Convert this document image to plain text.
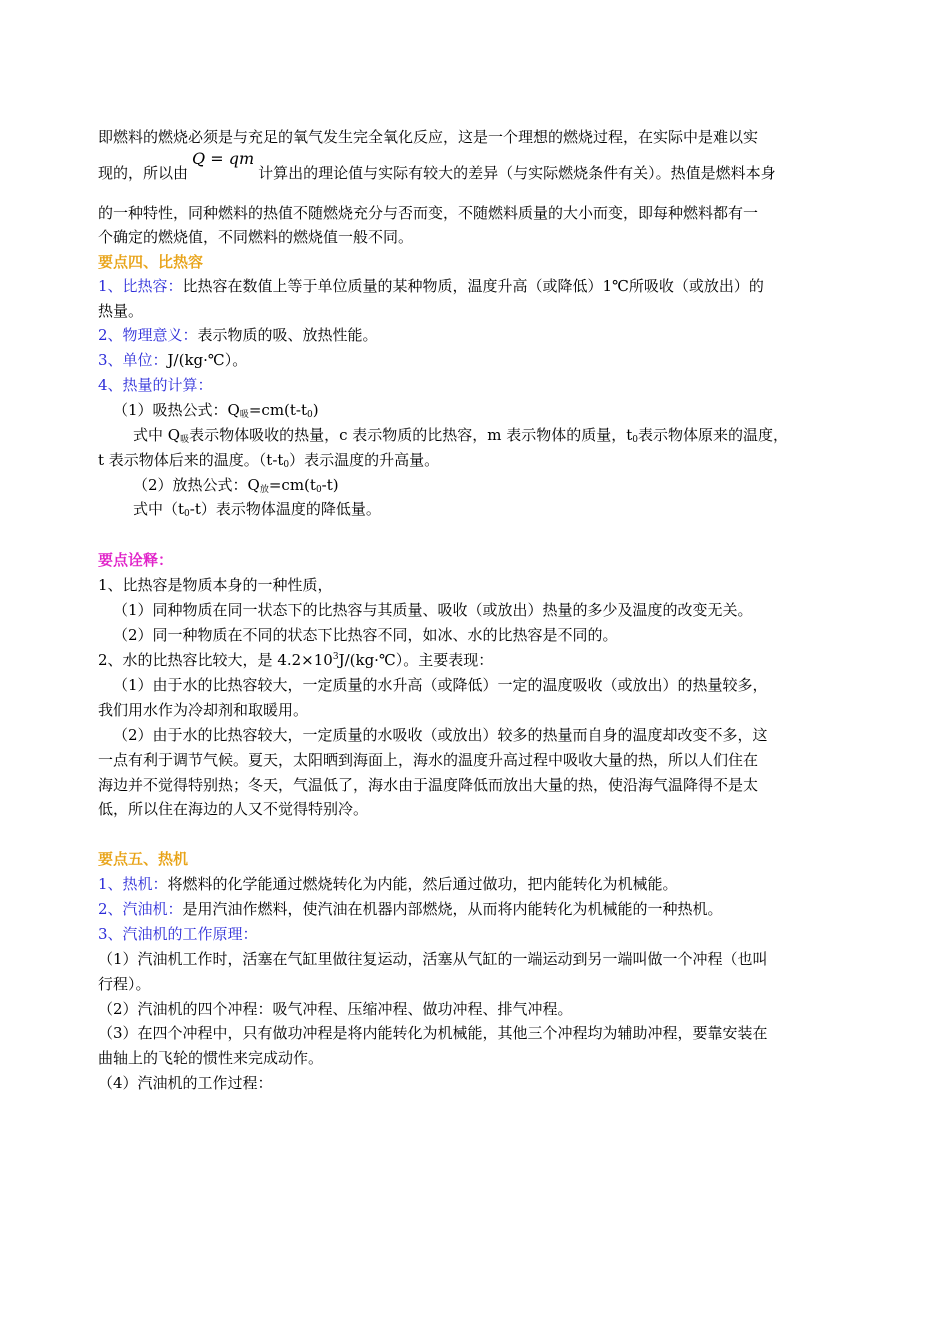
即燃料的燃烧必须是与充足的氧气发生完全氧化反应，这是一个理想的燃烧过程，在实际中是难以实
现的，所以由Q = qm计算出的理论值与实际有较大的差异（与实际燃烧条件有关）。热值是燃料本身
的一种特性，同种燃料的热值不随燃烧充分与否而变，不随燃料质量的大小而变，即每种燃料都有一
个确定的燃烧值，不同燃料的燃烧值一般不同。
要点四、比热容
1、比热容：比热容在数值上等于单位质量的某种物质，温度升高（或降低）1℃所吸收（或放出）的
热量。
2、物理意义：表示物质的吸、放热性能。
3、单位：J/(kg·℃）。
4、热量的计算：
（1）吸热公式：$Q_吸=cm(t-t_0)$
式中 $Q_吸$表示物体吸收的热量，c 表示物质的比热容，m 表示物体的质量，$t_0$表示物体原来的温度，
t 表示物体后来的温度。$(t-t_0)$表示温度的升高量。
（2）放热公式：$Q_放=cm(t_0-t)$
式中$(t_0-t)$表示物体温度的降低量。
要点诠释：
1、比热容是物质本身的一种性质，
（1）同种物质在同一状态下的比热容与其质量、吸收（或放出）热量的多少及温度的改变无关。
（2）同一种物质在不同的状态下比热容不同，如冰、水的比热容是不同的。
2、水的比热容比较大，是 $4.2\times 10^3J/(kg\cdot℃)$。主要表现：
（1）由于水的比热容较大，一定质量的水升高（或降低）一定的温度吸收（或放出）的热量较多，
我们用水作为冷却剂和取暖用。
（2）由于水的比热容较大，一定质量的水吸收（或放出）较多的热量而自身的温度却改变不多，这
一点有利于调节气候。夏天，太阳晒到海面上，海水的温度升高过程中吸收大量的热，所以人们住在
海边并不觉得特别热；冬天，气温低了，海水由于温度降低而放出大量的热，使沿海气温降得不是太
低，所以住在海边的人又不觉得特别冷。
要点五、热机
1、热机：将燃料的化学能通过燃烧转化为内能，然后通过做功，把内能转化为机械能。
2、汽油机：是用汽油作燃料，使汽油在机器内部燃烧，从而将内能转化为机械能的一种热机。
3、汽油机的工作原理：
（1）汽油机工作时，活塞在气缸里做往复运动，活塞从气缸的一端运动到另一端叫做一个冲程（也叫
行程）。
（2）汽油机的四个冲程：吸气冲程、压缩冲程、做功冲程、排气冲程。
（3）在四个冲程中，只有做功冲程是将内能转化为机械能，其他三个冲程均为辅助冲程，要靠安装在
曲轴上的飞轮的惯性来完成动作。
（4）汽油机的工作过程：
